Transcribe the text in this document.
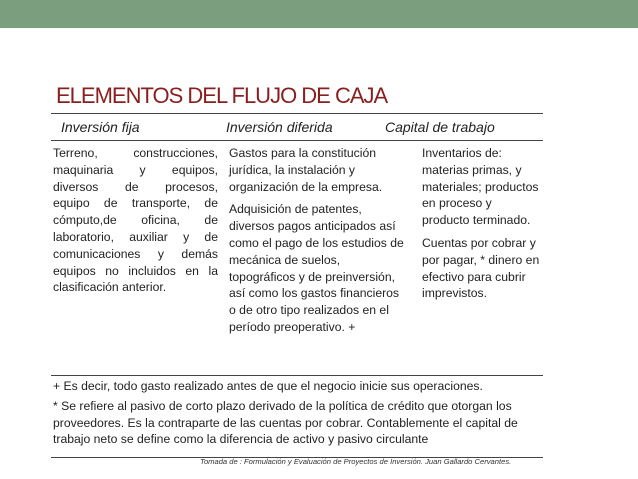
ELEMENTOS DEL FLUJO DE CAJA
Inversión fija	Inversión diferida	Capital de trabajo
Terreno, construcciones,
maquinaria y equipos,
diversos de procesos,
equipo de transporte, de
cómputo,de oficina, de
laboratorio, auxiliar y de
comunicaciones y demás
equipos no incluidos en la
clasificación anterior.

Gastos para la constitución jurídica, la instalación y organización de la empresa.

Adquisición de patentes, diversos pagos anticipados así como el pago de los estudios de mecánica de suelos, topográficos y de preinversión, así como los gastos financieros o de otro tipo realizados en el período preoperativo. +

Inventarios de: materias primas, y materiales; productos en proceso y producto terminado.

Cuentas por cobrar y por pagar, * dinero en efectivo para cubrir imprevistos.

+ Es decir, todo gasto realizado antes de que el negocio inicie sus operaciones.
* Se refiere al pasivo de corto plazo derivado de la política de crédito que otorgan los proveedores. Es la contraparte de las cuentas por cobrar. Contablemente el capital de trabajo neto se define como la diferencia de activo y pasivo circulante
Tomada de : Formulación y Evaluación de Proyectos de Inversión. Juan Gallardo Cervantes.
